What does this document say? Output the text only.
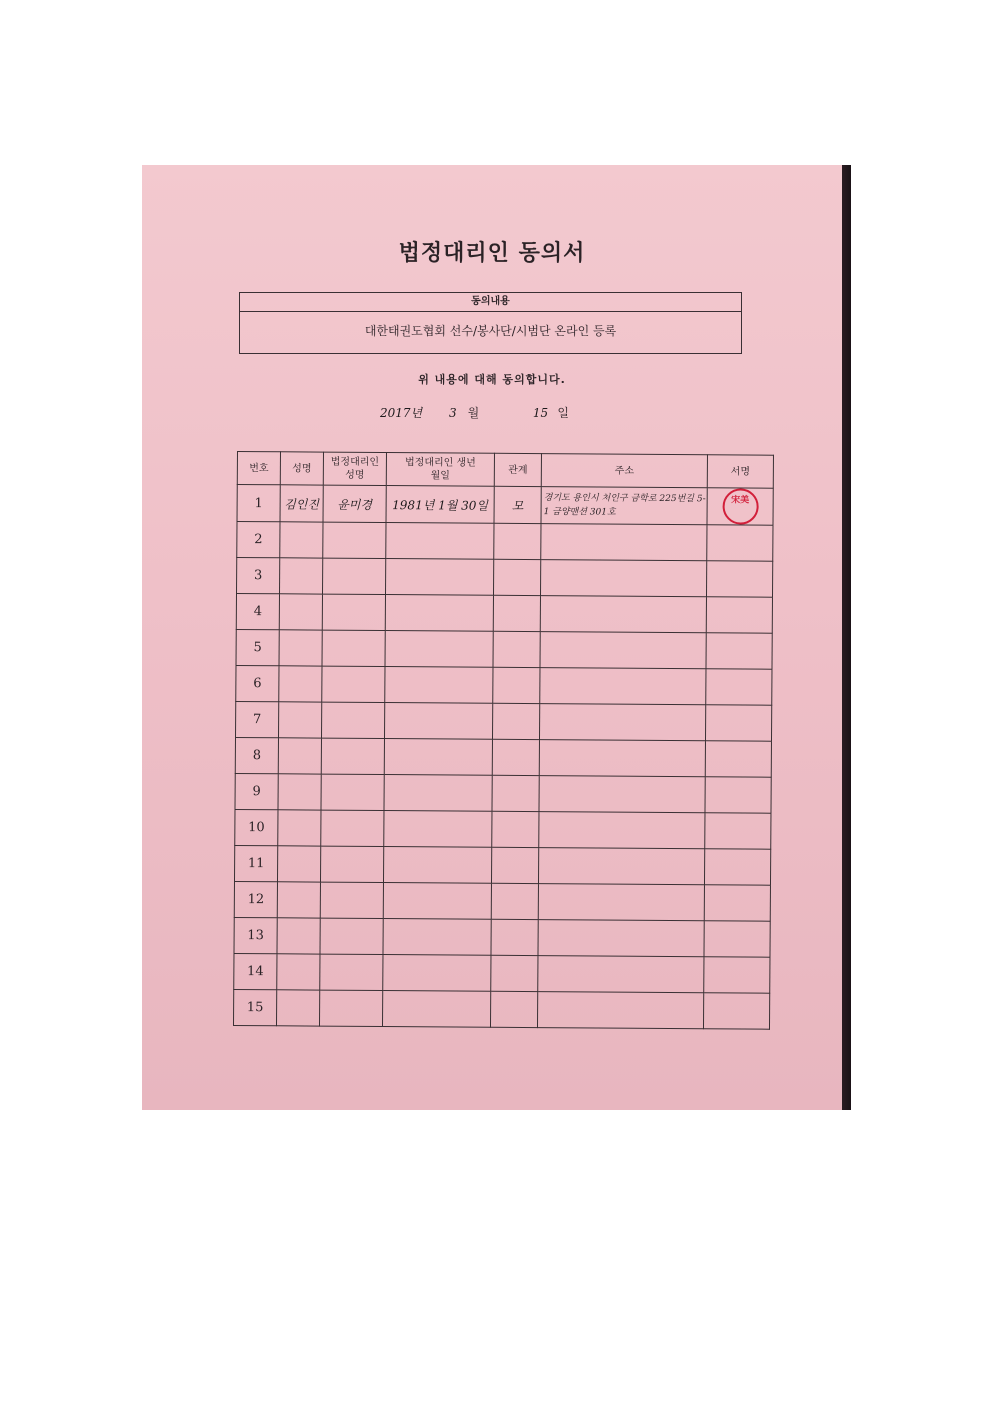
법정대리인 동의서
동의내용
대한태권도협회 선수/봉사단/시범단 온라인 등록
위 내용에 대해 동의합니다.
2017년 3 월	15 일
번호	성명	법정대리인 성명	법정대리인 생년월일	관계	주소	서명
1	김인진	윤미경	1981년 1월 30일	모	경기도 용인시 처인구 금학로 225번길 5-1 금양맨션 301호	宋美
2						
3						
4						
5						
6						
7						
8						
9						
10						
11						
12						
13						
14						
15						
